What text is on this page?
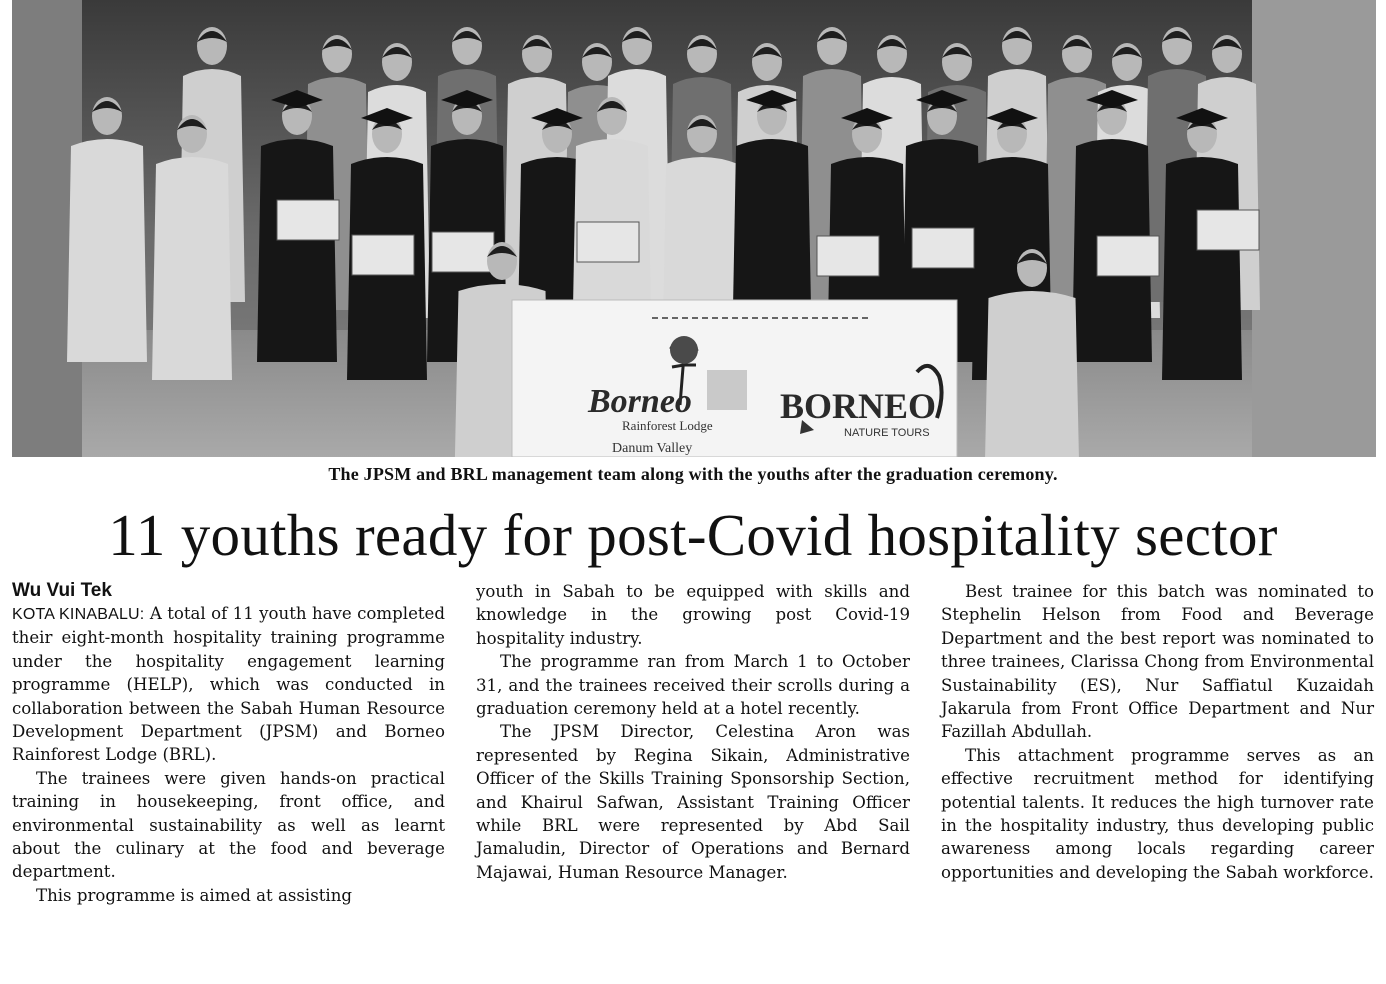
Borneo
Rainforest Lodge
Danum Valley
BORNEO
NATURE TOURS
The JPSM and BRL management team along with the youths after the graduation ceremony.
11 youths ready for post-Covid hospitality sector
Wu Vui Tek

KOTA KINABALU: A total of 11 youth have completed their eight-month hospitality training programme under the hospitality engagement learning programme (HELP), which was conducted in collaboration between the Sabah Human Resource Development Department (JPSM) and Borneo Rainforest Lodge (BRL).

The trainees were given hands-on practical training in housekeeping, front office, and environmental sustainability as well as learnt about the culinary at the food and beverage department.

This programme is aimed at assisting

youth in Sabah to be equipped with skills and knowledge in the growing post Covid-19 hospitality industry.

The programme ran from March 1 to October 31, and the trainees received their scrolls during a graduation ceremony held at a hotel recently.

The JPSM Director, Celestina Aron was represented by Regina Sikain, Administrative Officer of the Skills Training Sponsorship Section, and Khairul Safwan, Assistant Training Officer while BRL were represented by Abd Sail Jamaludin, Director of Operations and Bernard Majawai, Human Resource Manager.

Best trainee for this batch was nominated to Stephelin Helson from Food and Beverage Department and the best report was nominated to three trainees, Clarissa Chong from Environmental Sustainability (ES), Nur Saffiatul Kuzaidah Jakarula from Front Office Department and Nur Fazillah Abdullah.

This attachment programme serves as an effective recruitment method for identifying potential talents. It reduces the high turnover rate in the hospitality industry, thus developing public awareness among locals regarding career opportunities and developing the Sabah workforce.
